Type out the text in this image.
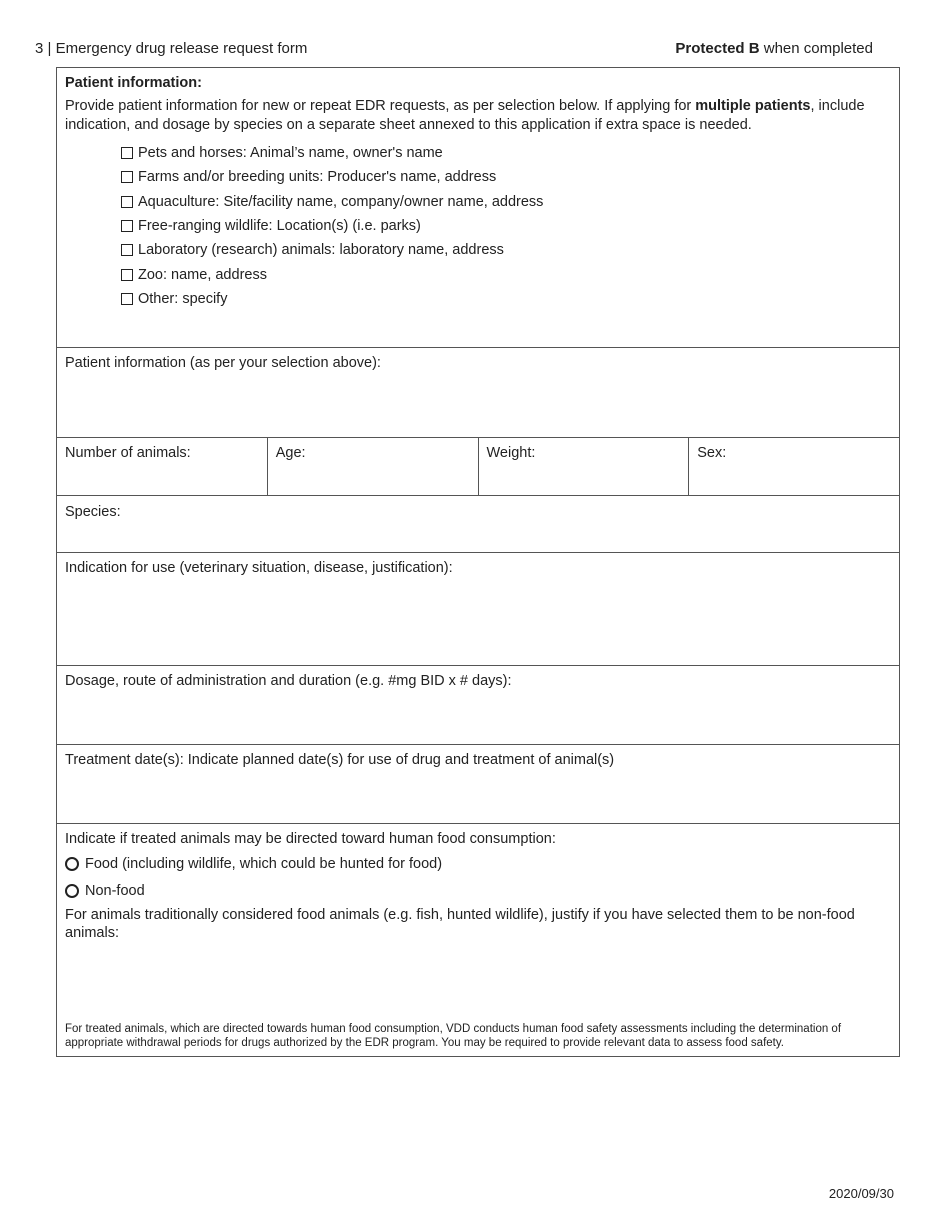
3 | Emergency drug release request form	Protected B when completed
Patient information:
Provide patient information for new or repeat EDR requests, as per selection below. If applying for multiple patients, include indication, and dosage by species on a separate sheet annexed to this application if extra space is needed.
Pets and horses: Animal’s name, owner's name
Farms and/or breeding units: Producer's name, address
Aquaculture: Site/facility name, company/owner name, address
Free-ranging wildlife: Location(s) (i.e. parks)
Laboratory (research) animals: laboratory name, address
Zoo: name, address
Other: specify
Patient information (as per your selection above):
Number of animals:	Age:	Weight:	Sex:
Species:
Indication for use (veterinary situation, disease, justification):
Dosage, route of administration and duration (e.g. #mg BID x # days):
Treatment date(s): Indicate planned date(s) for use of drug and treatment of animal(s)
Indicate if treated animals may be directed toward human food consumption:
Food (including wildlife, which could be hunted for food)
Non-food
For animals traditionally considered food animals (e.g. fish, hunted wildlife), justify if you have selected them to be non-food animals:
For treated animals, which are directed towards human food consumption, VDD conducts human food safety assessments including the determination of appropriate withdrawal periods for drugs authorized by the EDR program. You may be required to provide relevant data to assess food safety.
2020/09/30
